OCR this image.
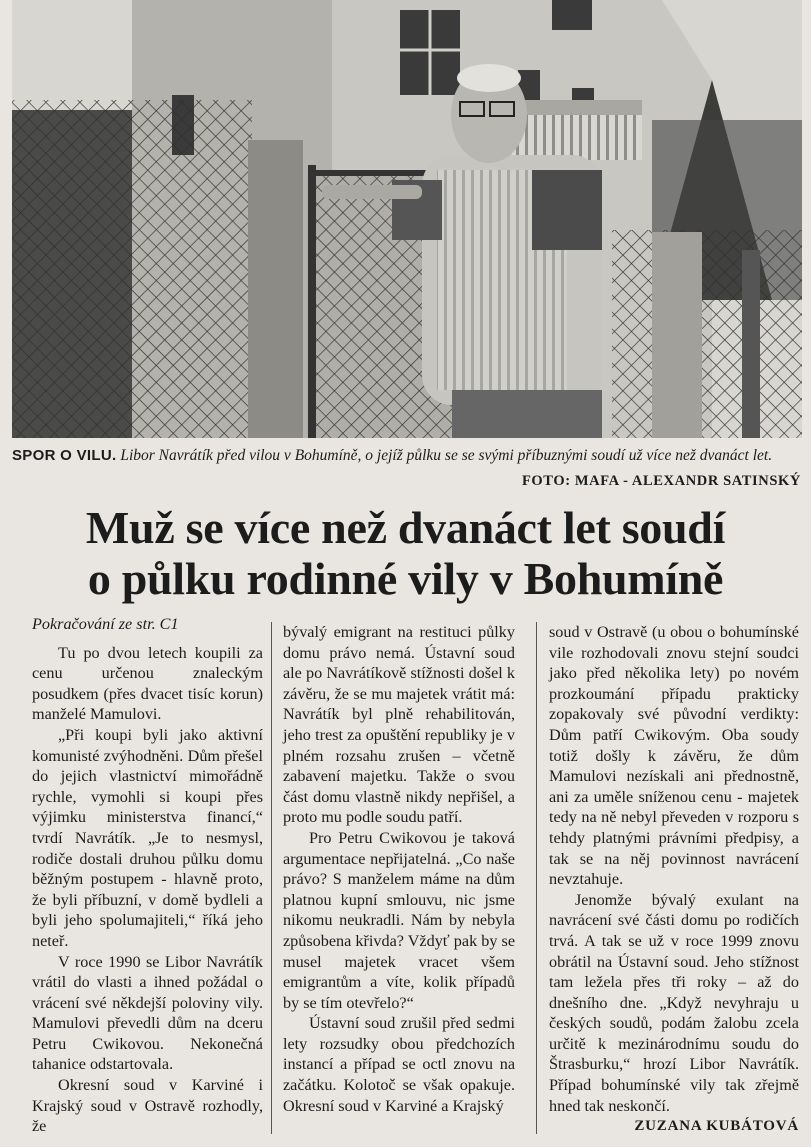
SPOR O VILU. Libor Navrátík před vilou v Bohumíně, o jejíž půlku se se svými příbuznými soudí už více než dvanáct let.
FOTO: MAFA - ALEXANDR SATINSKÝ
Muž se více než dvanáct let soudí
o půlku rodinné vily v Bohumíně

Pokračování ze str. C1

Tu po dvou letech koupili za cenu určenou znaleckým posudkem (přes dvacet tisíc korun) manželé Mamulovi.

„Při koupi byli jako aktivní komunisté zvýhodněni. Dům přešel do jejich vlastnictví mimořádně rychle, vymohli si koupi přes výjimku ministerstva financí,“ tvrdí Navrátík. „Je to nesmysl, rodiče dostali druhou půlku domu běžným postupem - hlavně proto, že byli příbuzní, v domě bydleli a byli jeho spolumajiteli,“ říká jeho neteř.

V roce 1990 se Libor Navrátík vrátil do vlasti a ihned požádal o vrácení své někdejší poloviny vily. Mamulovi převedli dům na dceru Petru Cwikovou. Nekonečná tahanice odstartovala.

Okresní soud v Karviné i Krajský soud v Ostravě rozhodly, že

bývalý emigrant na restituci půlky domu právo nemá. Ústavní soud ale po Navrátíkově stížnosti došel k závěru, že se mu majetek vrátit má: Navrátík byl plně rehabilitován, jeho trest za opuštění republiky je v plném rozsahu zrušen – včetně zabavení majetku. Takže o svou část domu vlastně nikdy nepřišel, a proto mu podle soudu patří.

Pro Petru Cwikovou je taková argumentace nepřijatelná. „Co naše právo? S manželem máme na dům platnou kupní smlouvu, nic jsme nikomu neukradli. Nám by nebyla způsobena křivda? Vždyť pak by se musel majetek vracet všem emigrantům a víte, kolik případů by se tím otevřelo?“

Ústavní soud zrušil před sedmi lety rozsudky obou předchozích instancí a případ se octl znovu na začátku. Kolotoč se však opakuje. Okresní soud v Karviné a Krajský

soud v Ostravě (u obou o bohumínské vile rozhodovali znovu stejní soudci jako před několika lety) po novém prozkoumání případu prakticky zopakovaly své původní verdikty: Dům patří Cwikovým. Oba soudy totiž došly k závěru, že dům Mamulovi nezískali ani přednostně, ani za uměle sníženou cenu - majetek tedy na ně nebyl převeden v rozporu s tehdy platnými právními předpisy, a tak se na něj povinnost navrácení nevztahuje.

Jenomže bývalý exulant na navrácení své části domu po rodičích trvá. A tak se už v roce 1999 znovu obrátil na Ústavní soud. Jeho stížnost tam ležela přes tři roky – až do dnešního dne. „Když nevyhraju u českých soudů, podám žalobu zcela určitě k mezinárodnímu soudu do Štrasburku,“ hrozí Libor Navrátík. Případ bohumínské vily tak zřejmě hned tak neskončí.

ZUZANA KUBÁTOVÁ
